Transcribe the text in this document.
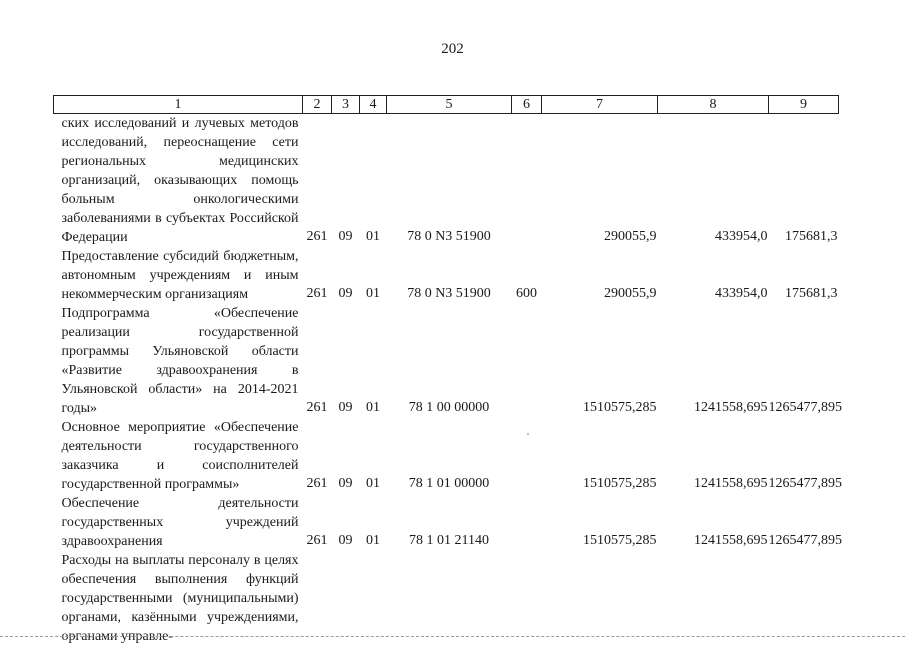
202
1	2	3	4	5	6	7	8	9
ских исследований и лучевых методов исследований, переоснащение сети региональных медицинских организаций, оказывающих помощь больным онкологическими заболеваниями в субъектах Российской Федерации	261	09	01	78 0 N3 51900		290055,9	433954,0	175681,3
Предоставление субсидий бюджетным, автономным учреждениям и иным некоммерческим организациям	261	09	01	78 0 N3 51900	600	290055,9	433954,0	175681,3
Подпрограмма «Обеспечение реализации государственной программы Ульяновской области «Развитие здравоохранения в Ульяновской области» на 2014-2021 годы»	261	09	01	78 1 00 00000		1510575,285	1241558,695	1265477,895
Основное мероприятие «Обеспечение деятельности государственного заказчика и соисполнителей государственной программы»	261	09	01	78 1 01 00000		1510575,285	1241558,695	1265477,895
Обеспечение деятельности государственных учреждений здравоохранения	261	09	01	78 1 01 21140		1510575,285	1241558,695	1265477,895
Расходы на выплаты персоналу в целях обеспечения выполнения функций государственными (муниципальными) органами, казёнными учреждениями, органами управле-								
